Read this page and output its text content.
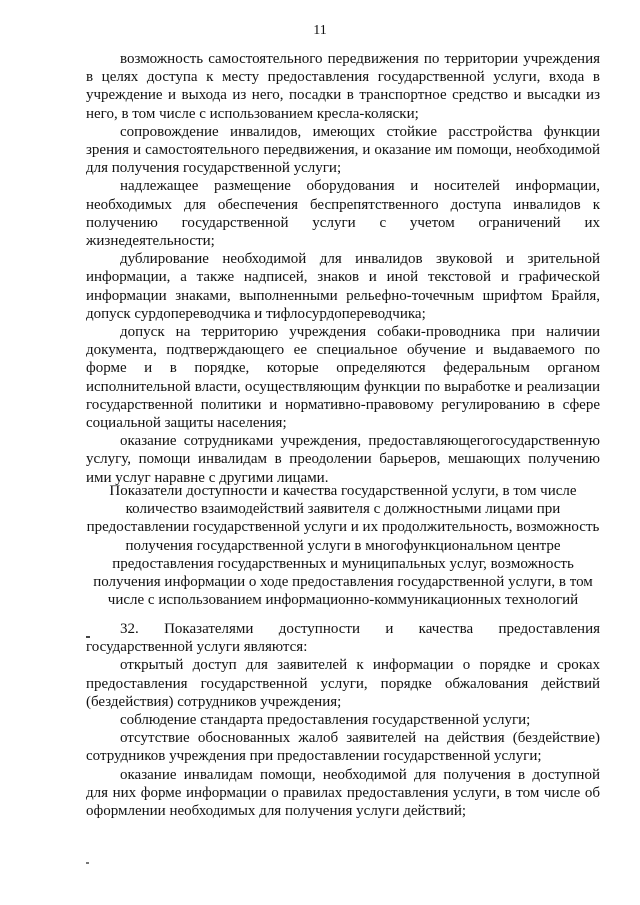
11

возможность самостоятельного передвижения по территории учреждения в целях доступа к месту предоставления государственной услуги, входа в учреждение и выхода из него, посадки в транспортное средство и высадки из него, в том числе с использованием кресла-коляски;

сопровождение инвалидов, имеющих стойкие расстройства функции зрения и самостоятельного передвижения, и оказание им помощи, необходимой для получения государственной услуги;

надлежащее размещение оборудования и носителей информации, необходимых для обеспечения беспрепятственного доступа инвалидов к получению государственной услуги с учетом ограничений их жизнедеятельности;

дублирование необходимой для инвалидов звуковой и зрительной информации, а также надписей, знаков и иной текстовой и графической информации знаками, выполненными рельефно-точечным шрифтом Брайля, допуск сурдопереводчика и тифлосурдопереводчика;

допуск на территорию учреждения собаки-проводника при наличии документа, подтверждающего ее специальное обучение и выдаваемого по форме и в порядке, которые определяются федеральным органом исполнительной власти, осуществляющим функции по выработке и реализации государственной политики и нормативно-правовому регулированию в сфере социальной защиты населения;

оказание сотрудниками учреждения, предоставляющегогосударственную услугу, помощи инвалидам в преодолении барьеров, мешающих получению ими услуг наравне с другими лицами.

Показатели доступности и качества государственной услуги, в том числе количество взаимодействий заявителя с должностными лицами при предоставлении государственной услуги и их продолжительность, возможность получения государственной услуги в многофункциональном центре предоставления государственных и муниципальных услуг, возможность получения информации о ходе предоставления государственной услуги, в том числе с использованием информационно-коммуникационных технологий

32. Показателями доступности и качества предоставления государственной услуги являются:

открытый доступ для заявителей к информации о порядке и сроках предоставления государственной услуги, порядке обжалования действий (бездействия) сотрудников учреждения;

соблюдение стандарта предоставления государственной услуги;

отсутствие обоснованных жалоб заявителей на действия (бездействие) сотрудников учреждения при предоставлении государственной услуги;

оказание инвалидам помощи, необходимой для получения в доступной для них форме информации о правилах предоставления услуги, в том числе об оформлении необходимых для получения услуги действий;
